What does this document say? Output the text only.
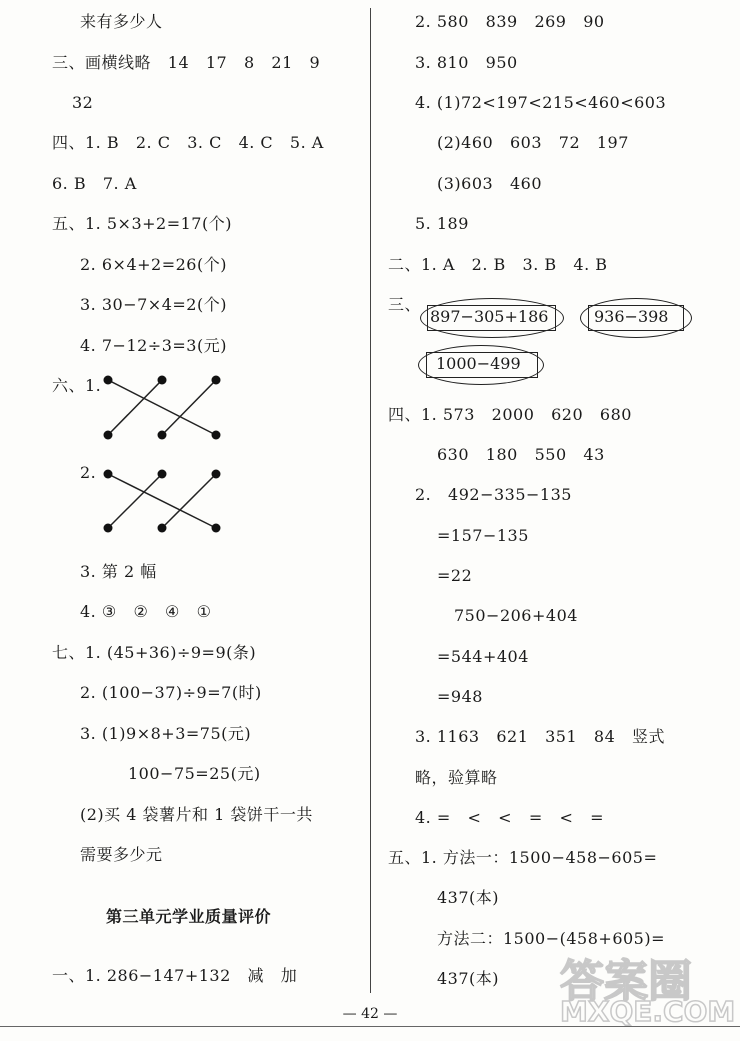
来有多少人
三、画横线略   14   17   8   21   9
32
四、1. B   2. C   3. C   4. C   5. A
6. B   7. A
五、1. 5×3+2=17(个)
2. 6×4+2=26(个)
3. 30−7×4=2(个)
4. 7−12÷3=3(元)
六、1.
2.
3. 第 2 幅
4. ③   ②   ④   ①
七、1. (45+36)÷9=9(条)
2. (100−37)÷9=7(时)
3. (1)9×8+3=75(元)
100−75=25(元)
(2)买 4 袋薯片和 1 袋饼干一共
需要多少元
第三单元学业质量评价
一、1. 286−147+132   减   加
2. 580   839   269   90
3. 810   950
4. (1)72<197<215<460<603
(2)460   603   72   197
(3)603   460
5. 189
二、1. A   2. B   3. B   4. B
三、
四、1. 573   2000   620   680
630   180   550   43
2.   492−335−135
=157−135
=22
750−206+404
=544+404
=948
3. 1163   621   351   84   竖式
略，验算略
4. =   <   <   =   <   =
五、1. 方法一：1500−458−605=
437(本)
方法二：1500−(458+605)=
437(本)
897−305+186	936−398
1000−499
— 42 —
答案圈
MXQE.COM
